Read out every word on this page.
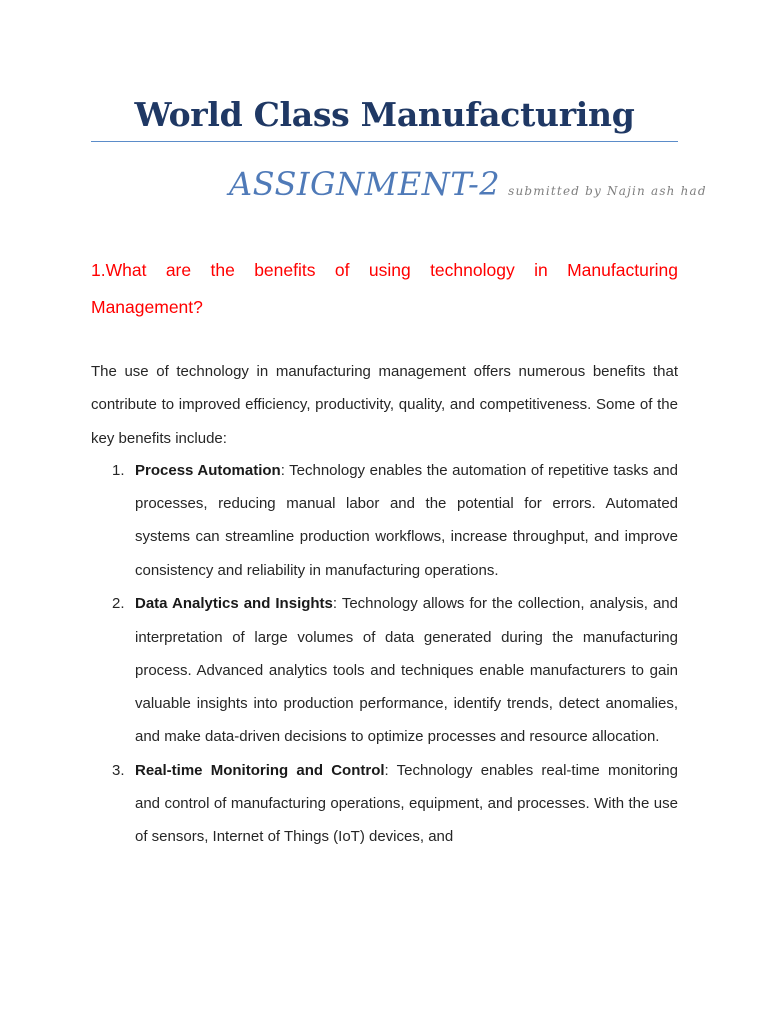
World Class Manufacturing
ASSIGNMENT-2 submitted by Najin ash had

1.What are the benefits of using technology in Manufacturing Management?

The use of technology in manufacturing management offers numerous benefits that contribute to improved efficiency, productivity, quality, and competitiveness. Some of the key benefits include:

1. Process Automation: Technology enables the automation of repetitive tasks and processes, reducing manual labor and the potential for errors. Automated systems can streamline production workflows, increase throughput, and improve consistency and reliability in manufacturing operations.
2. Data Analytics and Insights: Technology allows for the collection, analysis, and interpretation of large volumes of data generated during the manufacturing process. Advanced analytics tools and techniques enable manufacturers to gain valuable insights into production performance, identify trends, detect anomalies, and make data-driven decisions to optimize processes and resource allocation.
3. Real-time Monitoring and Control: Technology enables real-time monitoring and control of manufacturing operations, equipment, and processes. With the use of sensors, Internet of Things (IoT) devices, and
